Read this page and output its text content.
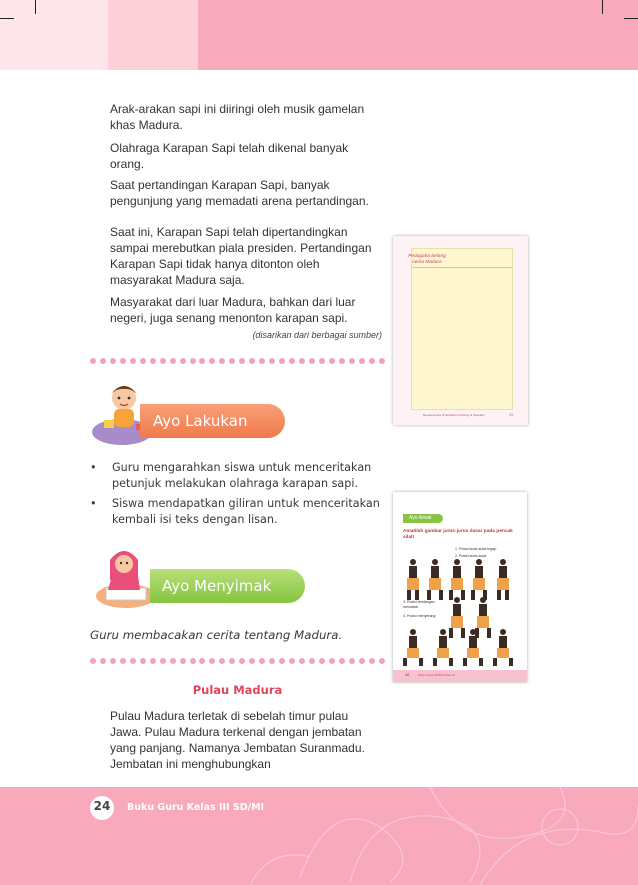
Arak-arakan sapi ini diiringi oleh musik gamelan khas Madura.
Olahraga Karapan Sapi telah dikenal banyak orang.
Saat pertandingan Karapan Sapi, banyak pengunjung yang memadati arena pertandingan.
Saat ini, Karapan Sapi telah dipertandingkan sampai merebutkan piala presiden. Pertandingan Karapan Sapi tidak hanya ditonton oleh masyarakat Madura saja.
Masyarakat dari luar Madura, bahkan dari luar negeri, juga senang menonton karapan sapi.
(disarikan dari berbagai sumber)
Ayo Lakukan
• Guru mengarahkan siswa untuk menceritakan petunjuk melakukan olahraga karapan sapi.
• Siswa mendapatkan giliran untuk menceritakan kembali isi teks dengan lisan.
Ayo Menyimak
Guru membacakan cerita tentang Madura.
Pulau Madura
Pulau Madura terletak di sebelah timur pulau Jawa. Pulau Madura terkenal dengan jembatan yang panjang. Namanya Jembatan Suranmadu. Jembatan ini menghubungkan
Pedagaha belang cerita Madura
Benda-benda di Sekitarku (Karang di Sekolah)	25
Ayo Amati
Amatilah gambar jurus-jurus dasar pada pencak silat!
1. Posisi kuda-kuda tegap
2. Posisi kuda-kuda
3. Posisi tendangan mendatar
4. Posisi menyerang
26	Buku Siswa SD/MI Kelas III
24	Buku Guru Kelas III SD/MI
